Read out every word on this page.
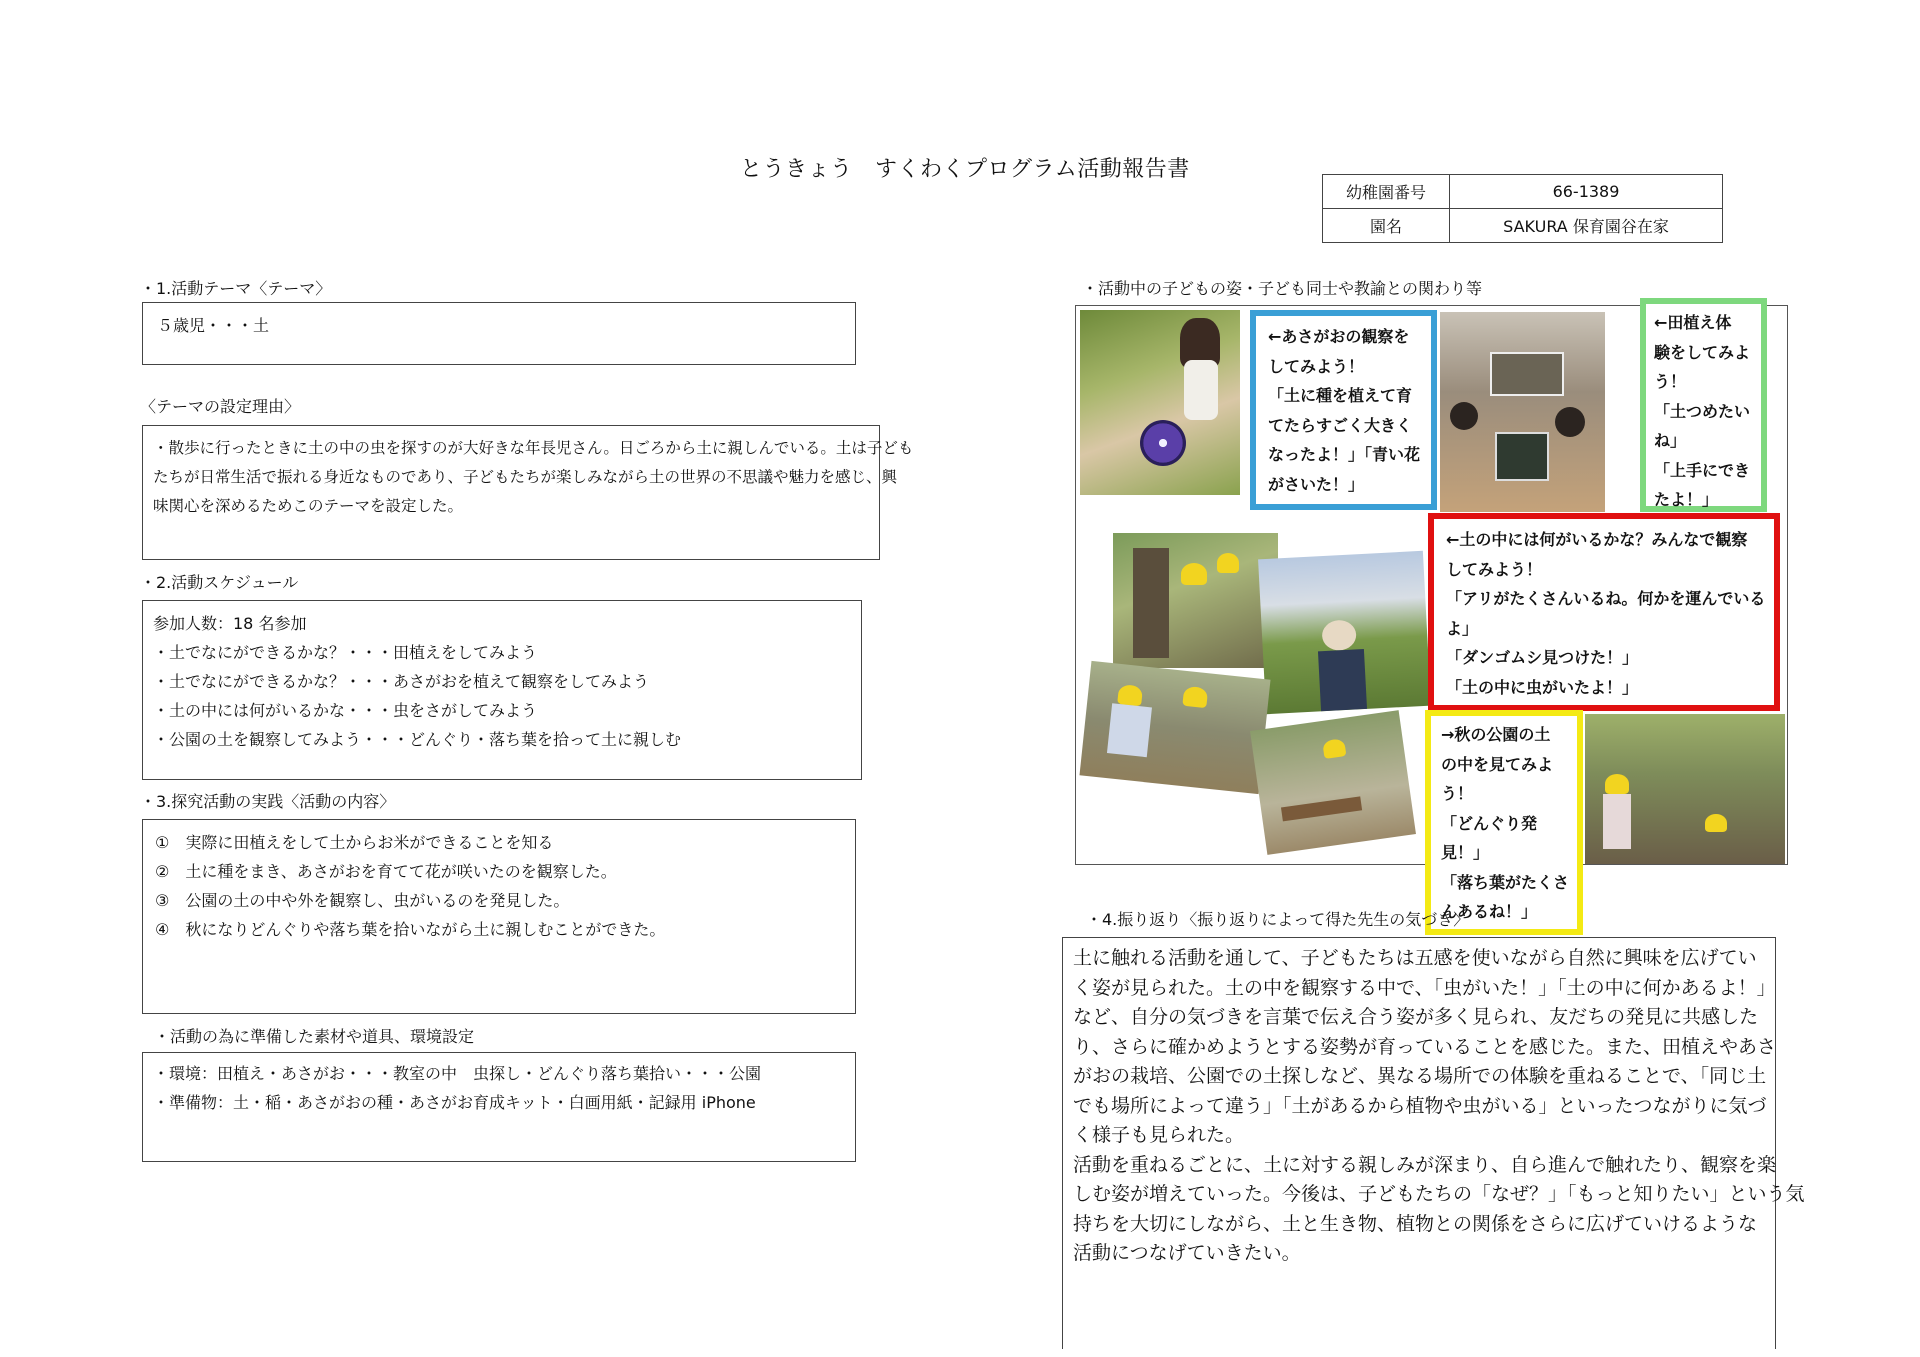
とうきょう　すくわくプログラム活動報告書
幼稚園番号	66-1389
園名	SAKURA 保育園谷在家
・1.活動テーマ〈テーマ〉
５歳児・・・土
〈テーマの設定理由〉
・散歩に行ったときに土の中の虫を探すのが大好きな年長児さん。日ごろから土に親しんでいる。土は子ども
たちが日常生活で振れる身近なものであり、子どもたちが楽しみながら土の世界の不思議や魅力を感じ、興
味関心を深めるためこのテーマを設定した。
・2.活動スケジュール
参加人数：18 名参加
・土でなにができるかな？・・・田植えをしてみよう
・土でなにができるかな？・・・あさがおを植えて観察をしてみよう
・土の中には何がいるかな・・・虫をさがしてみよう
・公園の土を観察してみよう・・・どんぐり・落ち葉を拾って土に親しむ
・3.探究活動の実践〈活動の内容〉
①　実際に田植えをして土からお米ができることを知る
②　土に種をまき、あさがおを育てて花が咲いたのを観察した。
③　公園の土の中や外を観察し、虫がいるのを発見した。
④　秋になりどんぐりや落ち葉を拾いながら土に親しむことができた。
・活動の為に準備した素材や道具、環境設定
・環境：田植え・あさがお・・・教室の中　虫探し・どんぐり落ち葉拾い・・・公園
・準備物：土・稲・あさがおの種・あさがお育成キット・白画用紙・記録用 iPhone
・活動中の子どもの姿・子ども同士や教諭との関わり等
←あさがおの観察を
してみよう！
「土に種を植えて育
てたらすごく大きく
なったよ！」「青い花
がさいた！」
←田植え体
験をしてみよ
う！
「土つめたい
ね」
「上手にでき
たよ！」
←土の中には何がいるかな？みんなで観察
してみよう！
「アリがたくさんいるね。何かを運んでいる
よ」
「ダンゴムシ見つけた！」
「土の中に虫がいたよ！」
→秋の公園の土
の中を見てみよ
う！
「どんぐり発
見！」
「落ち葉がたくさ
んあるね！」
・4.振り返り〈振り返りによって得た先生の気づき〉
土に触れる活動を通して、子どもたちは五感を使いながら自然に興味を広げてい
く姿が見られた。土の中を観察する中で、「虫がいた！」「土の中に何かあるよ！」
など、自分の気づきを言葉で伝え合う姿が多く見られ、友だちの発見に共感した
り、さらに確かめようとする姿勢が育っていることを感じた。また、田植えやあさ
がおの栽培、公園での土探しなど、異なる場所での体験を重ねることで、「同じ土
でも場所によって違う」「土があるから植物や虫がいる」といったつながりに気づ
く様子も見られた。
活動を重ねるごとに、土に対する親しみが深まり、自ら進んで触れたり、観察を楽
しむ姿が増えていった。今後は、子どもたちの「なぜ？」「もっと知りたい」という気
持ちを大切にしながら、土と生き物、植物との関係をさらに広げていけるような
活動につなげていきたい。
